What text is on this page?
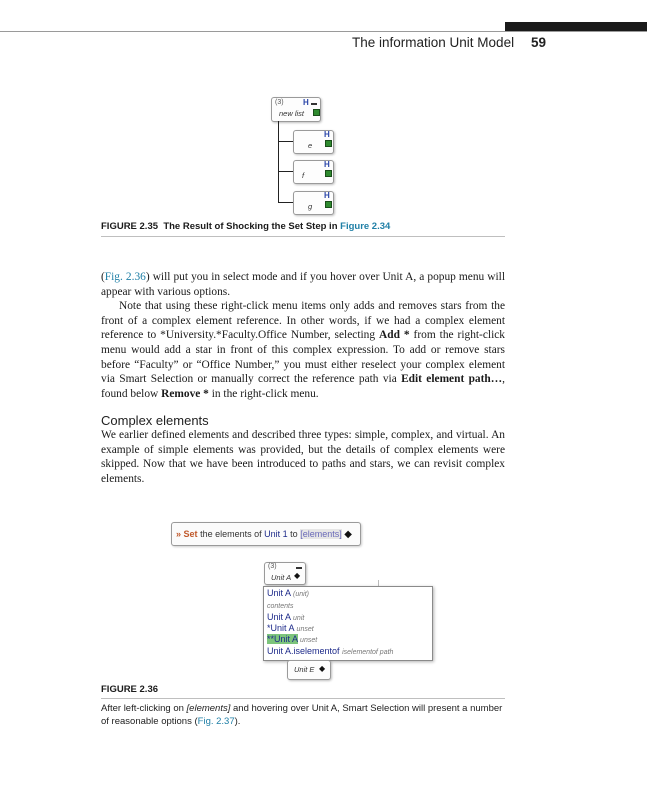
The information Unit Model 59
(3) H
new list
H
e
H
f
H
g
FIGURE 2.35 The Result of Shocking the Set Step in Figure 2.34

(Fig. 2.36) will put you in select mode and if you hover over Unit A, a popup menu will appear with various options.

Note that using these right-click menu items only adds and removes stars from the front of a complex element reference. In other words, if we had a complex element reference to *University.*Faculty.Office Number, selecting Add * from the right-click menu would add a star in front of this complex expression. To add or remove stars before “Faculty” or “Office Number,” you must either reselect your complex element via Smart Selection or manually correct the reference path via Edit element path…, found below Remove * in the right-click menu.

Complex elements

We earlier defined elements and described three types: simple, complex, and virtual. An example of simple elements was provided, but the details of complex elements were skipped. Now that we have been introduced to paths and stars, we can revisit complex elements.

» Set the elements of Unit 1 to [elements] ◆
(3)
Unit A ◆
Unit A (unit)
contents
Unit A unit
*Unit A unset
**Unit A unset
Unit A.iselementof iselementof path
Unit E ◆
FIGURE 2.36
After left-clicking on [elements] and hovering over Unit A, Smart Selection will present a number of reasonable options (Fig. 2.37).
